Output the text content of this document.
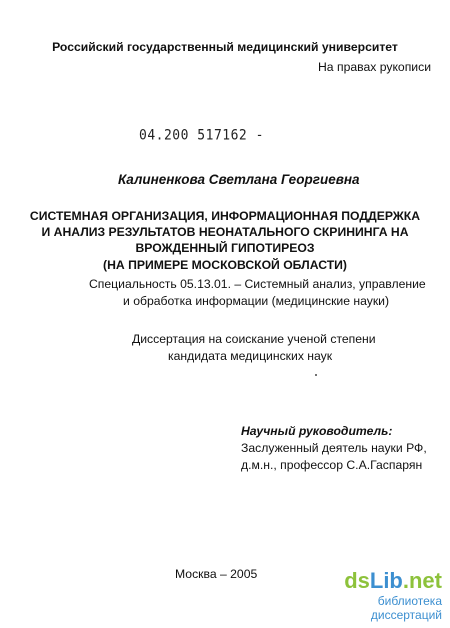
Российский государственный медицинский университет
На правах рукописи
04.200 517162 -
Калиненкова Светлана Георгиевна
СИСТЕМНАЯ ОРГАНИЗАЦИЯ, ИНФОРМАЦИОННАЯ ПОДДЕРЖКА
И АНАЛИЗ РЕЗУЛЬТАТОВ НЕОНАТАЛЬНОГО СКРИНИНГА НА
ВРОЖДЕННЫЙ ГИПОТИРЕОЗ
(НА ПРИМЕРЕ МОСКОВСКОЙ ОБЛАСТИ)
Специальность 05.13.01. – Системный анализ, управление
и обработка информации (медицинские науки)
Диссертация на соискание ученой степени
кандидата медицинских наук
Научный руководитель:
Заслуженный деятель науки РФ,
д.м.н., профессор С.А.Гаспарян
Москва – 2005	dsLib.net
библиотека диссертаций
